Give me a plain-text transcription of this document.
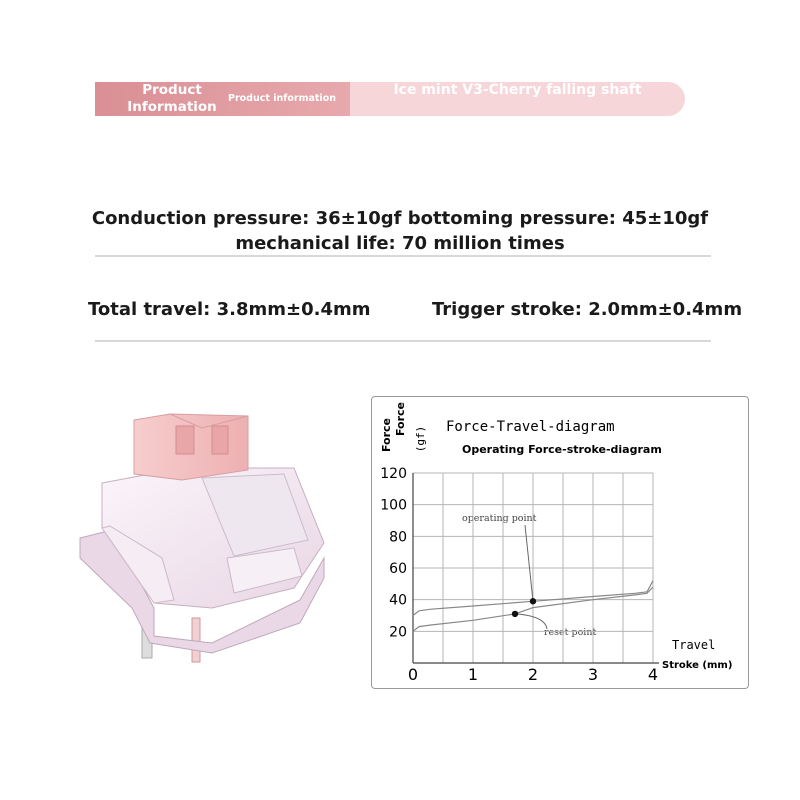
Product Information
Product information
Ice mint V3-Cherry falling shaft
Conduction pressure: 36±10gf bottoming pressure: 45±10gf
mechanical life: 70 million times
Total travel: 3.8mm±0.4mm	Trigger stroke: 2.0mm±0.4mm
Force Force
(gf) Force-Travel-diagram
Operating Force-stroke-diagram
Travel
Stroke (mm)
operating point
reset point
20
40
60
80
100
120
0	1	2	3	4
